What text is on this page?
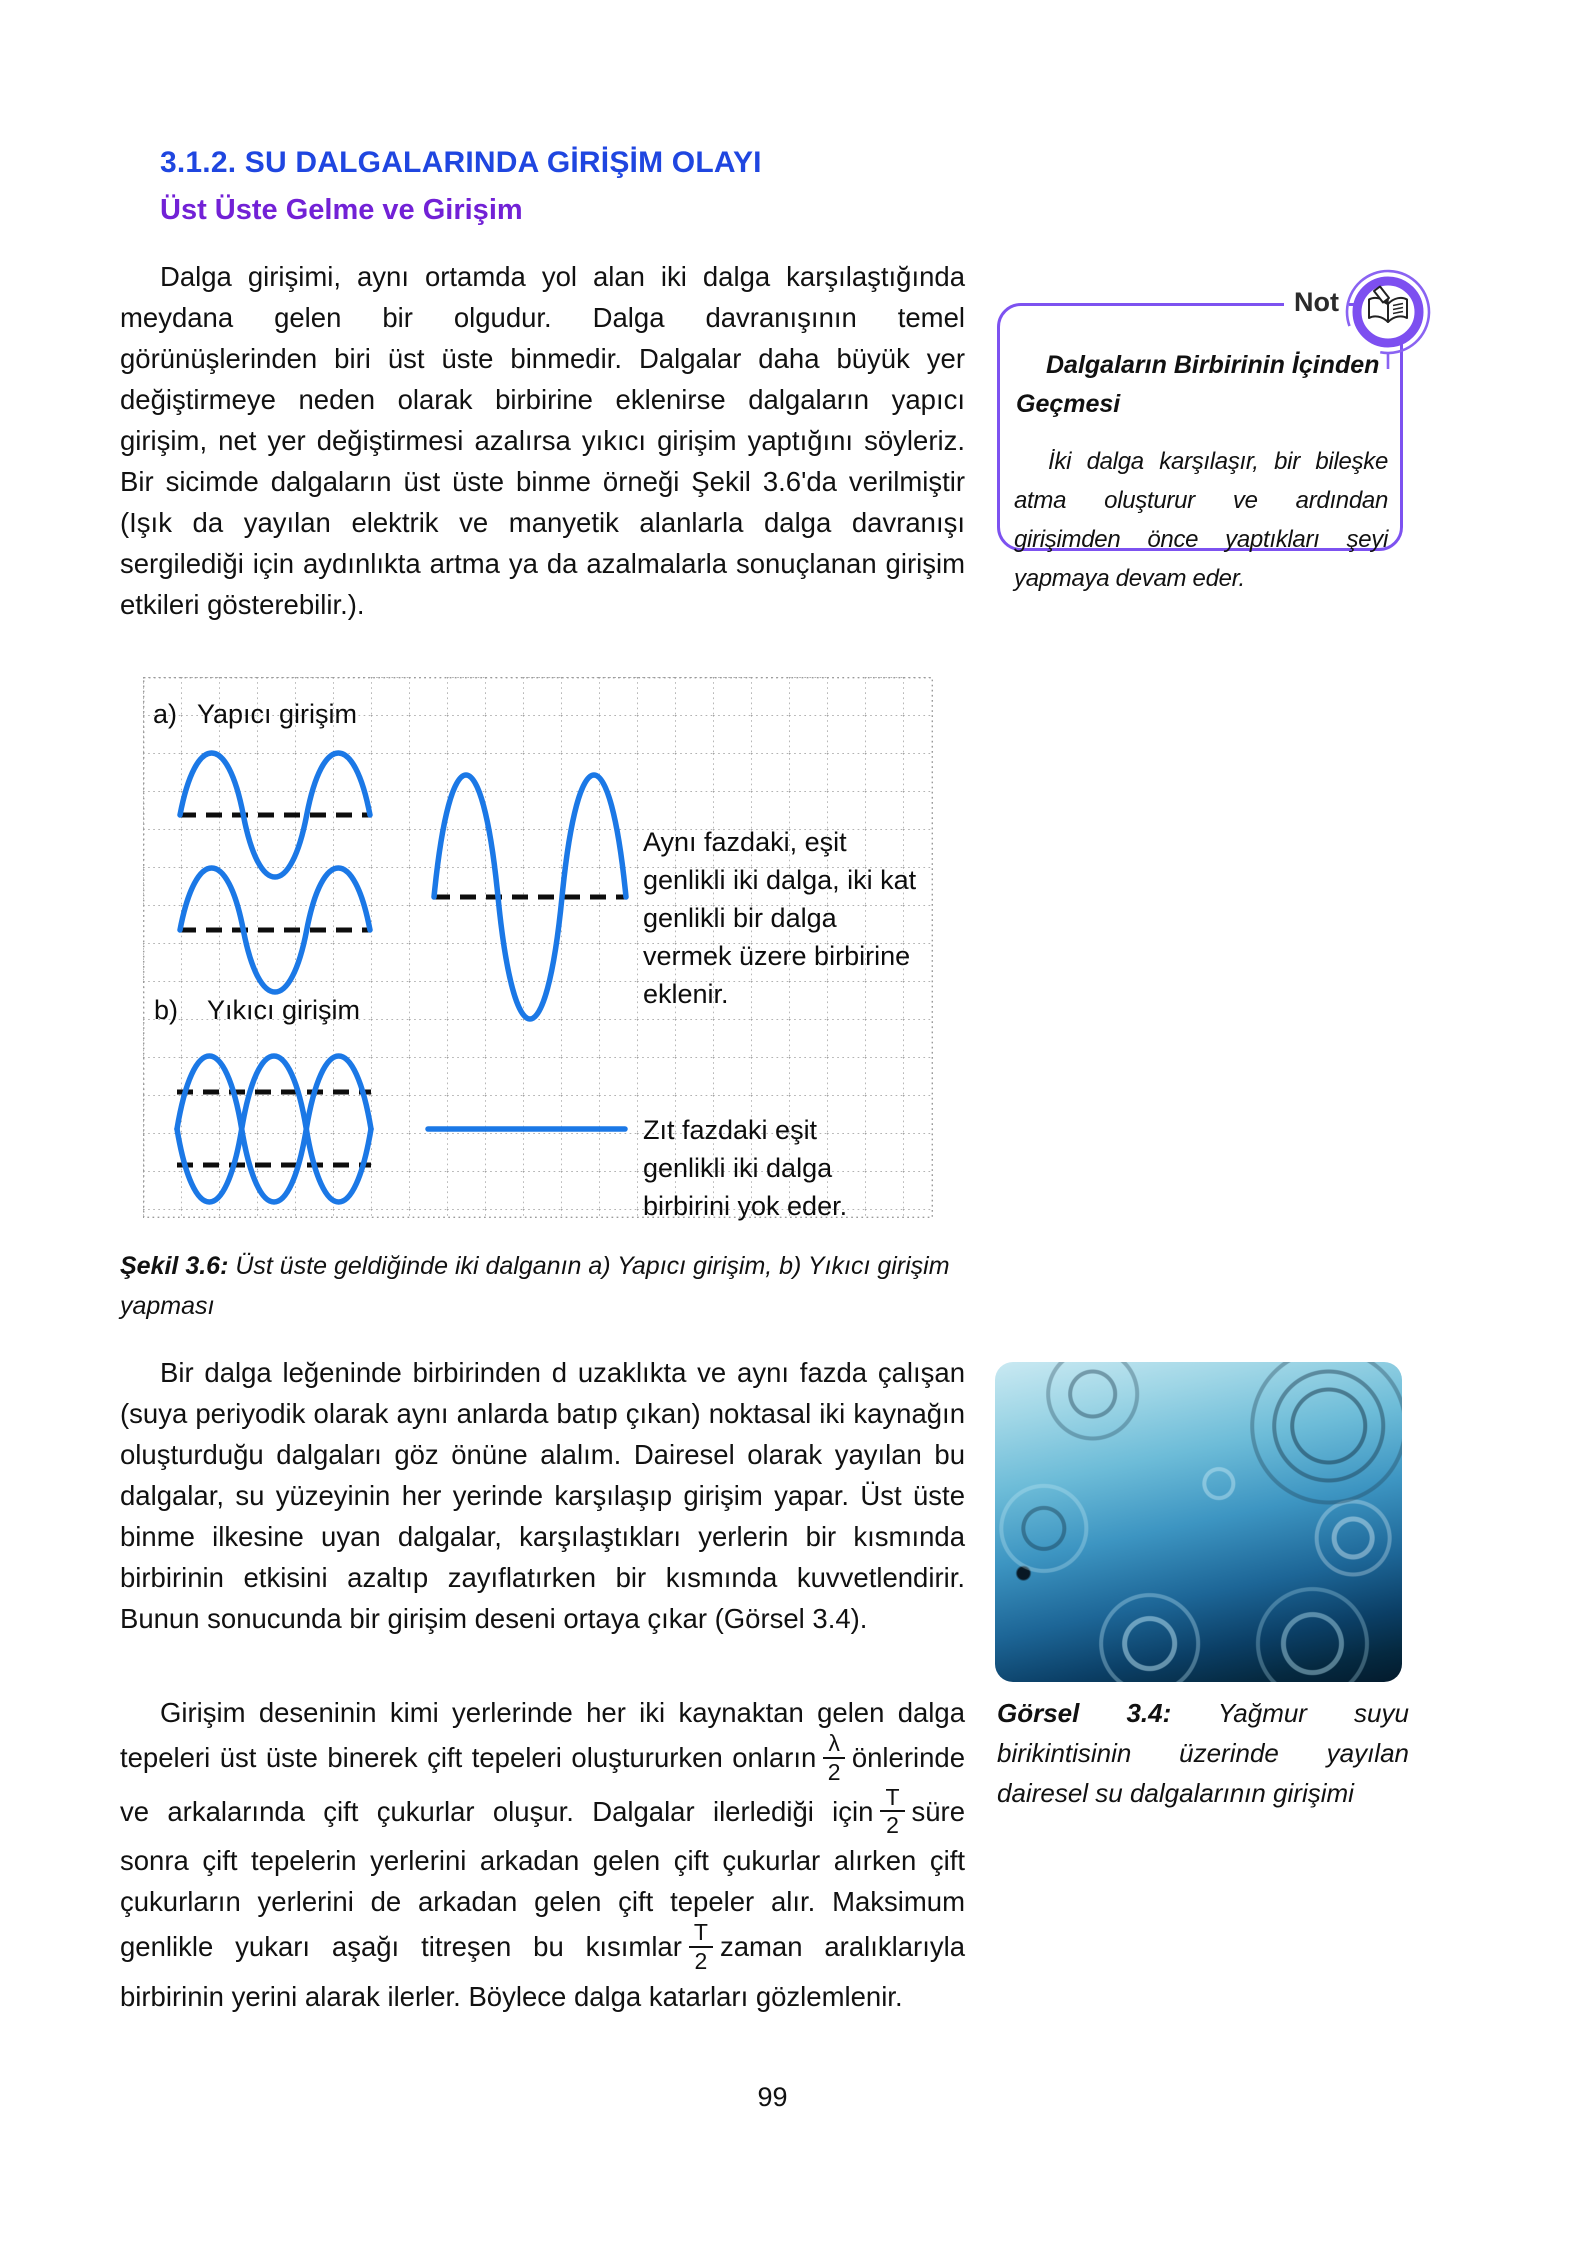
3.1.2. SU DALGALARINDA GİRİŞİM OLAYI
Üst Üste Gelme ve Girişim

Dalga girişimi, aynı ortamda yol alan iki dalga karşılaştığında meydana gelen bir olgudur. Dalga davranışının temel görünüşlerinden biri üst üste binmedir. Dalgalar daha büyük yer değiştirmeye neden olarak birbirine eklenirse dalgaların yapıcı girişim, net yer değiştirmesi azalırsa yıkıcı girişim yaptığını söyleriz. Bir sicimde dalgaların üst üste binme örneği Şekil 3.6'da verilmiştir (Işık da yayılan elektrik ve manyetik alanlarla dalga davranışı sergilediği için aydınlıkta artma ya da azalmalarla sonuçlanan girişim etkileri gösterebilir.).

a) Yapıcı girişim
Aynı fazdaki, eşit genlikli iki dalga, iki kat genlikli bir dalga vermek üzere birbirine eklenir.
b) Yıkıcı girişim
Zıt fazdaki eşit genlikli iki dalga birbirini yok eder.

Şekil 3.6: Üst üste geldiğinde iki dalganın a) Yapıcı girişim, b) Yıkıcı girişim yapması

Not

Dalgaların Birbirinin İçinden Geçmesi

İki dalga karşılaşır, bir bileşke atma oluşturur ve ardından girişimden önce yaptıkları şeyi yapmaya devam eder.

Bir dalga leğeninde birbirinden d uzaklıkta ve aynı fazda çalışan (suya periyodik olarak aynı anlarda batıp çıkan) noktasal iki kaynağın oluşturduğu dalgaları göz önüne alalım. Dairesel olarak yayılan bu dalgalar, su yüzeyinin her yerinde karşılaşıp girişim yapar. Üst üste binme ilkesine uyan dalgalar, karşılaştıkları yerlerin bir kısmında birbirinin etkisini azaltıp zayıflatırken bir kısmında kuvvetlendirir. Bunun sonucunda bir girişim deseni ortaya çıkar (Görsel 3.4).

Girişim deseninin kimi yerlerinde her iki kaynaktan gelen dalga tepeleri üst üste binerek çift tepeleri oluştururken onların $\frac{\lambda}{2}$ önlerinde ve arkalarında çift çukurlar oluşur. Dalgalar ilerlediği için $\frac{T}{2}$ süre sonra çift tepelerin yerlerini arkadan gelen çift çukurlar alırken çift çukurların yerlerini de arkadan gelen çift tepeler alır. Maksimum genlikle yukarı aşağı titreşen bu kısımlar $\frac{T}{2}$ zaman aralıklarıyla birbirinin yerini alarak ilerler. Böylece dalga katarları gözlemlenir.

Görsel 3.4: Yağmur suyu birikintisinin üzerinde yayılan dairesel su dalgalarının girişimi

99
